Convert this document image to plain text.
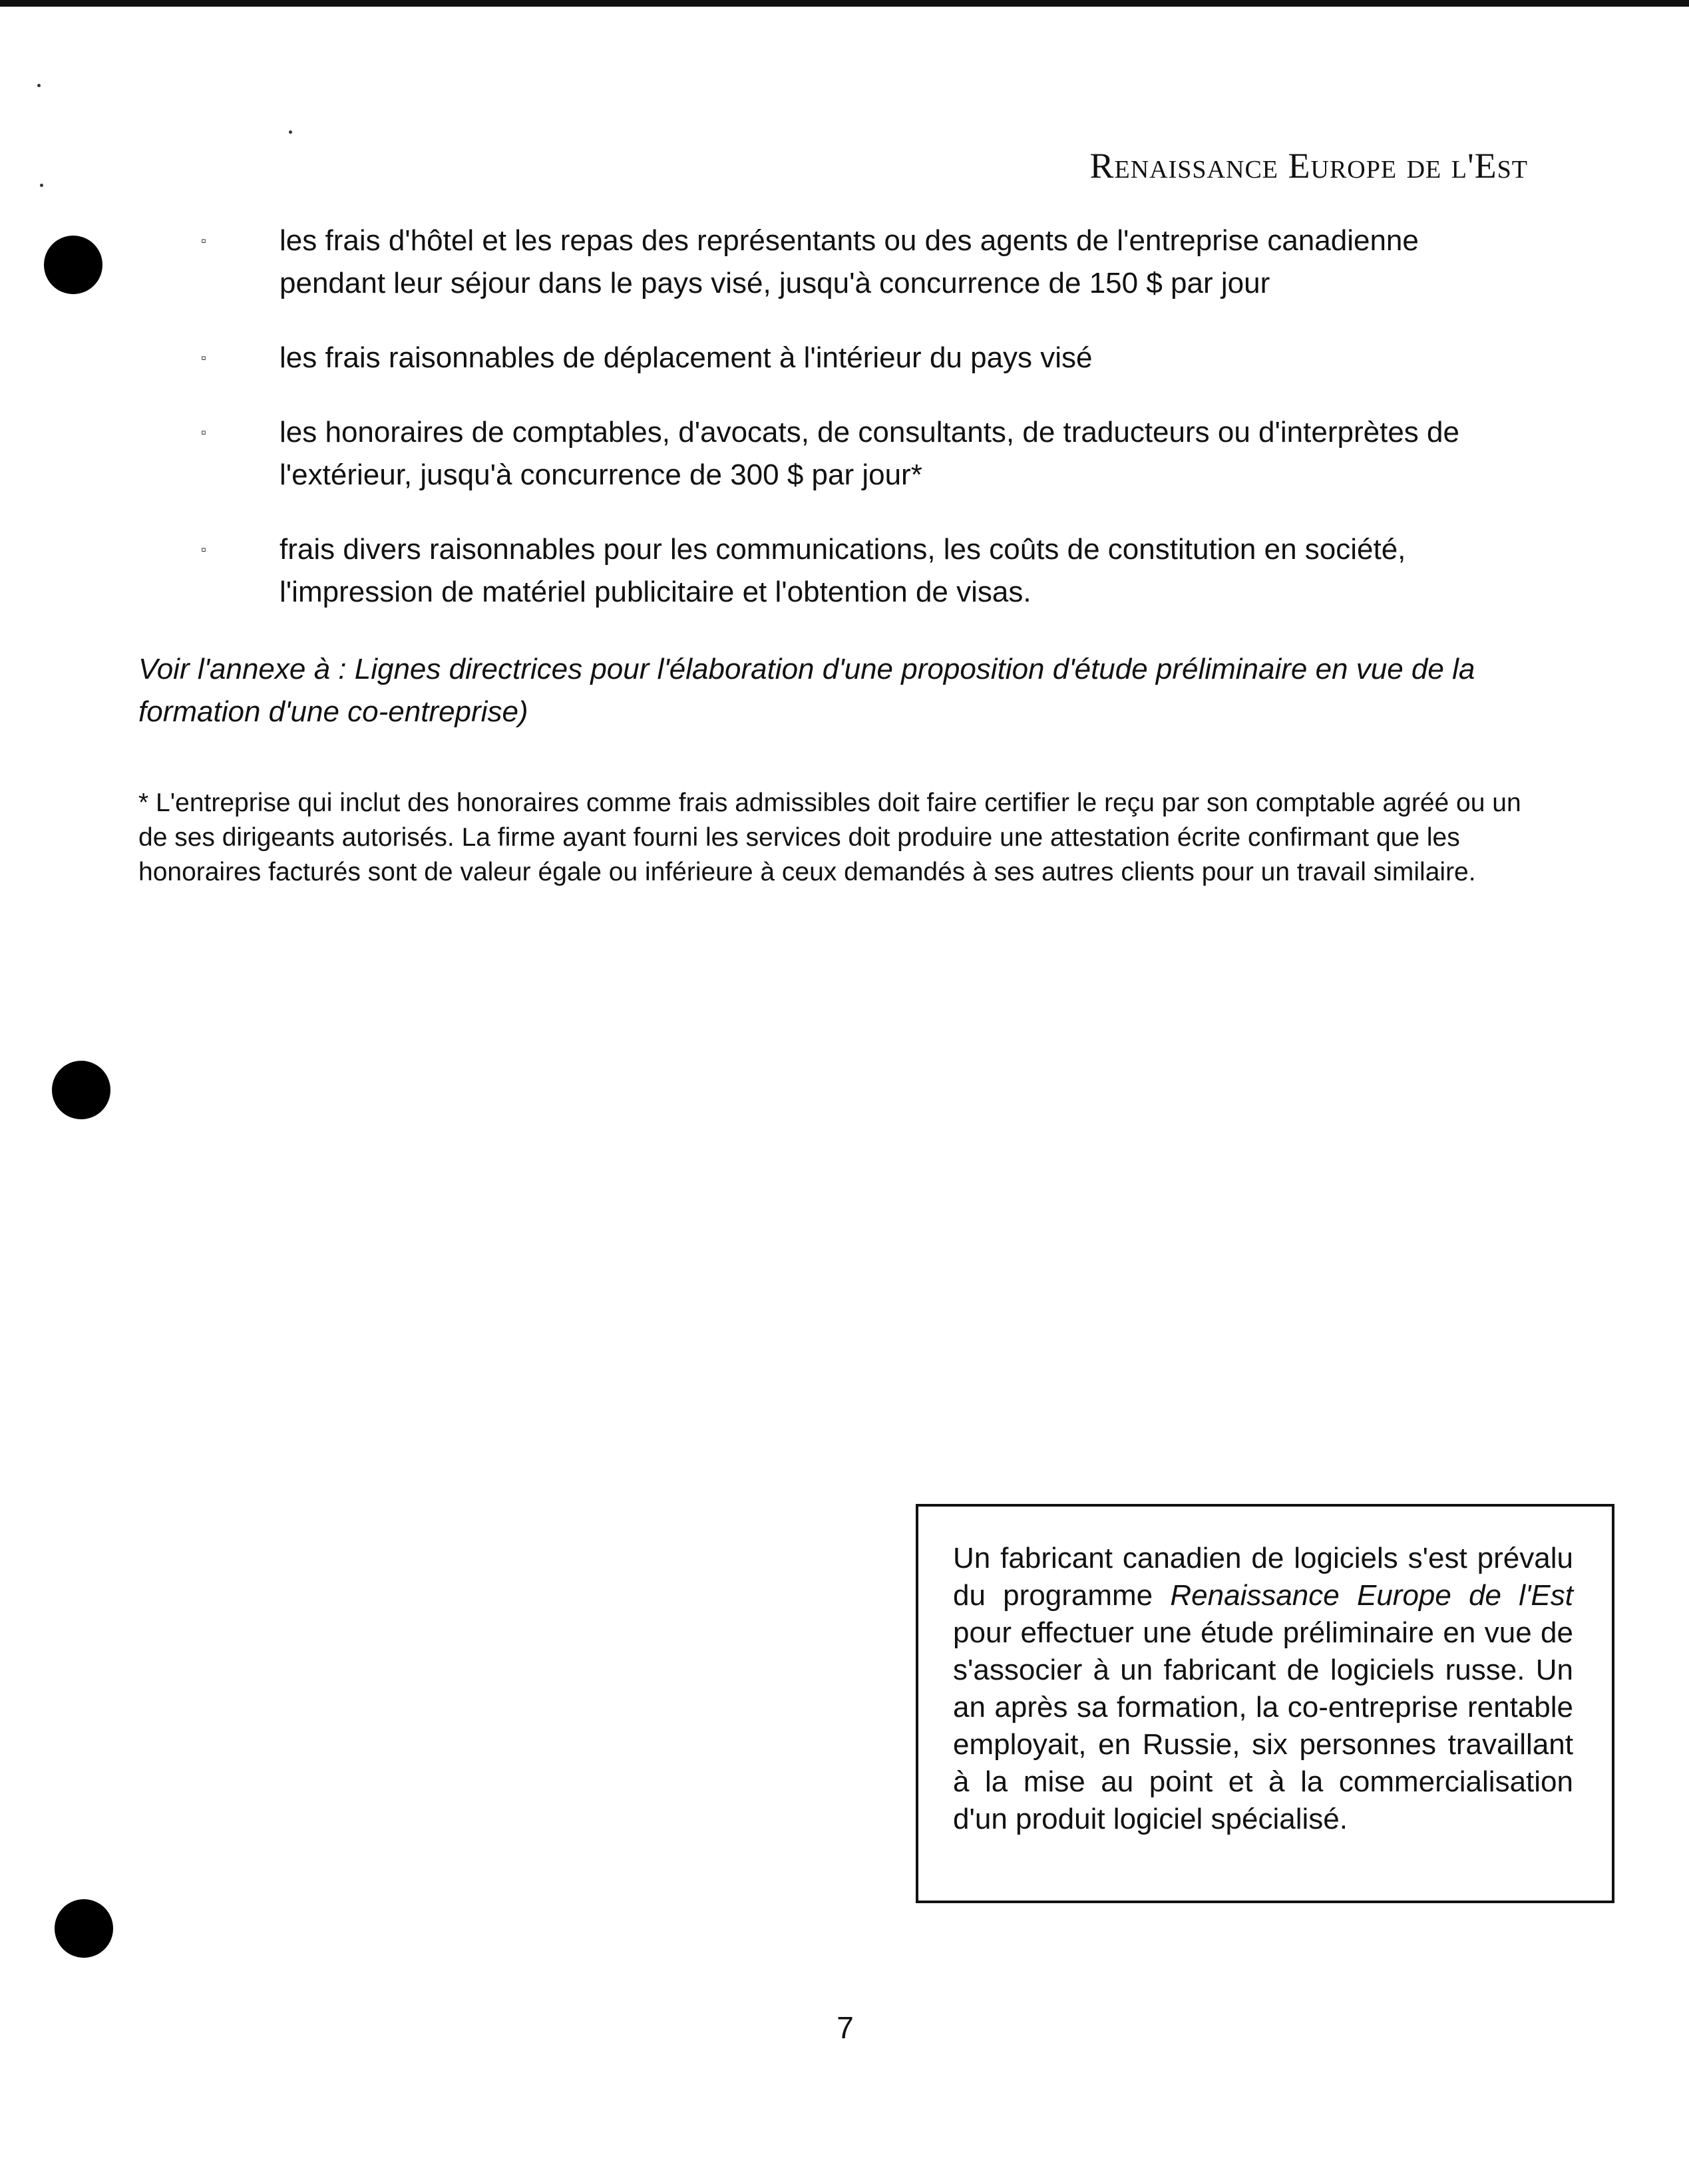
Renaissance Europe de l'Est
▫	les frais d'hôtel et les repas des représentants ou des agents de l'entreprise canadienne pendant leur séjour dans le pays visé, jusqu'à concurrence de 150 $ par jour
▫	les frais raisonnables de déplacement à l'intérieur du pays visé
▫	les honoraires de comptables, d'avocats, de consultants, de traducteurs ou d'interprètes de l'extérieur, jusqu'à concurrence de 300 $ par jour*
▫	frais divers raisonnables pour les communications, les coûts de constitution en société, l'impression de matériel publicitaire et l'obtention de visas.

Voir l'annexe à : Lignes directrices pour l'élaboration d'une proposition d'étude préliminaire en vue de la formation d'une co-entreprise)

* L'entreprise qui inclut des honoraires comme frais admissibles doit faire certifier le reçu par son comptable agréé ou un de ses dirigeants autorisés. La firme ayant fourni les services doit produire une attestation écrite confirmant que les honoraires facturés sont de valeur égale ou inférieure à ceux demandés à ses autres clients pour un travail similaire.

Un fabricant canadien de logiciels s'est prévalu du programme Renaissance Europe de l'Est pour effectuer une étude préliminaire en vue de s'associer à un fabricant de logiciels russe. Un an après sa formation, la co-entreprise rentable employait, en Russie, six personnes travaillant à la mise au point et à la commercialisation d'un produit logiciel spécialisé.
7
